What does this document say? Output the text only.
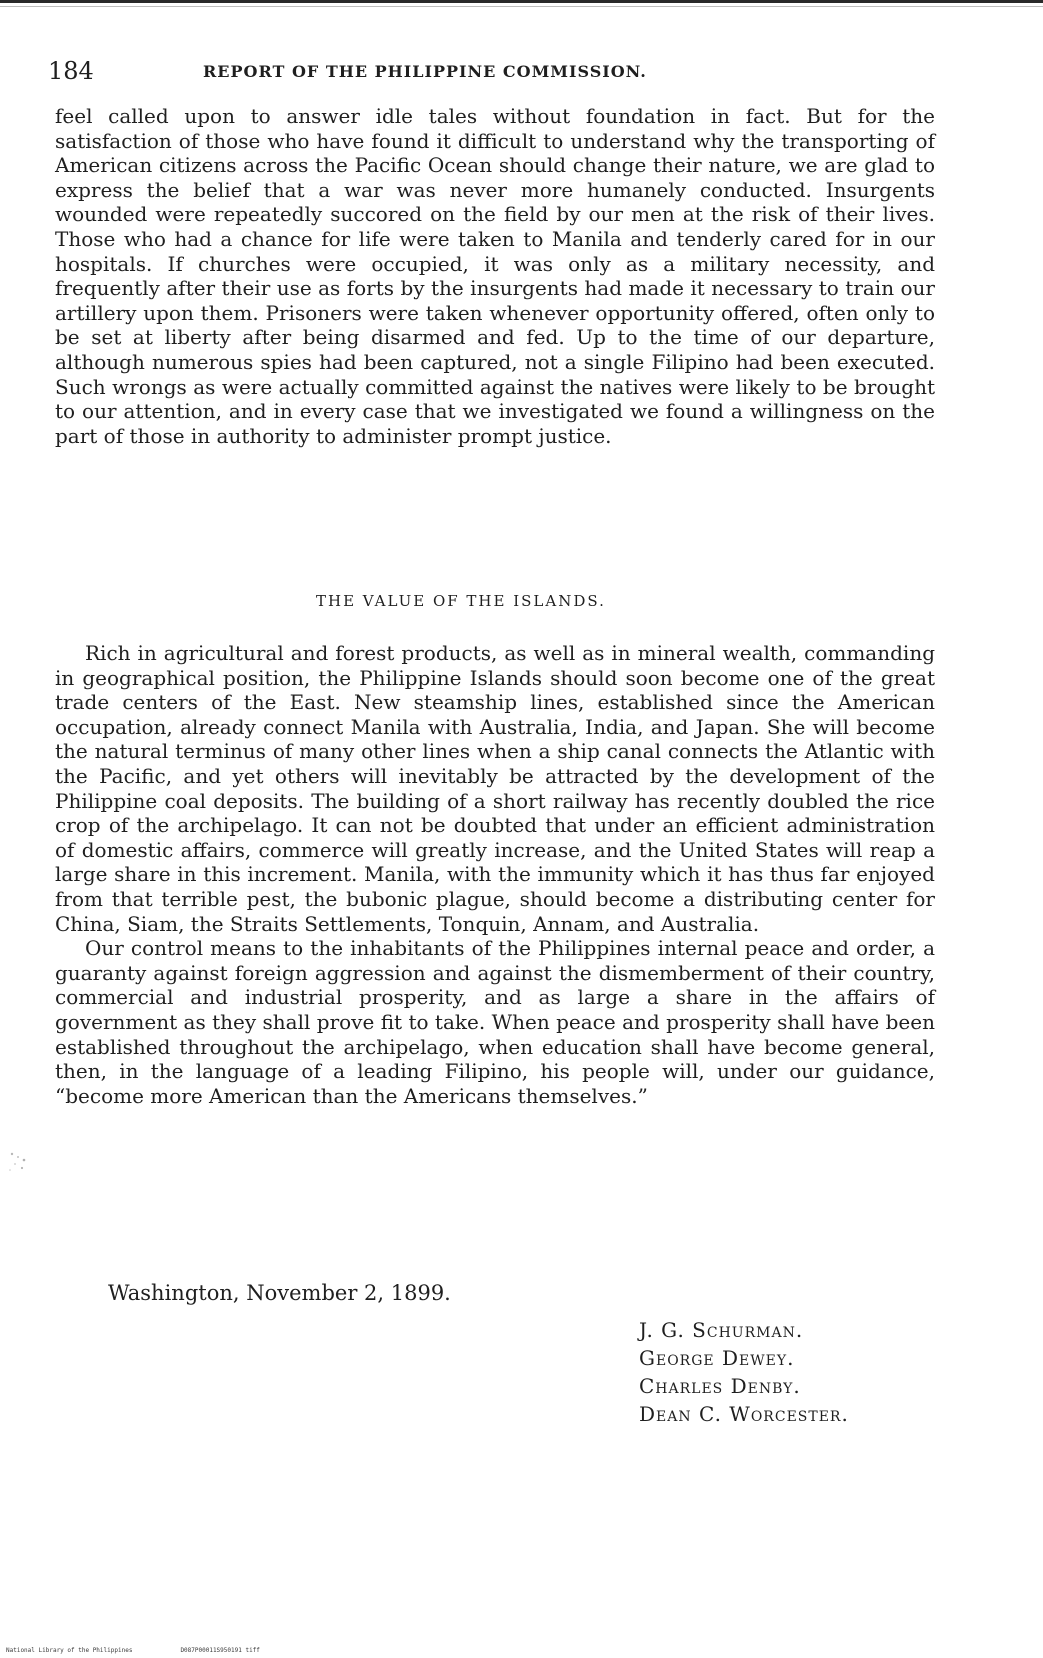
184	REPORT OF THE PHILIPPINE COMMISSION.

feel called upon to answer idle tales without foundation in fact. But for the satisfaction of those who have found it difficult to understand why the transporting of American citizens across the Pacific Ocean should change their nature, we are glad to express the belief that a war was never more humanely conducted. Insurgents wounded were repeatedly succored on the field by our men at the risk of their lives. Those who had a chance for life were taken to Manila and tenderly cared for in our hospitals. If churches were occupied, it was only as a military necessity, and frequently after their use as forts by the insurgents had made it necessary to train our artillery upon them. Prisoners were taken whenever opportunity offered, often only to be set at liberty after being disarmed and fed. Up to the time of our departure, although numerous spies had been captured, not a single Filipino had been executed. Such wrongs as were actually committed against the natives were likely to be brought to our attention, and in every case that we investigated we found a willingness on the part of those in authority to administer prompt justice.

THE VALUE OF THE ISLANDS.

Rich in agricultural and forest products, as well as in mineral wealth, commanding in geographical position, the Philippine Islands should soon become one of the great trade centers of the East. New steamship lines, established since the American occupation, already connect Manila with Australia, India, and Japan. She will become the natural terminus of many other lines when a ship canal connects the Atlantic with the Pacific, and yet others will inevitably be attracted by the development of the Philippine coal deposits. The building of a short railway has recently doubled the rice crop of the archipelago. It can not be doubted that under an efficient administration of domestic affairs, commerce will greatly increase, and the United States will reap a large share in this increment. Manila, with the immunity which it has thus far enjoyed from that terrible pest, the bubonic plague, should become a distributing center for China, Siam, the Straits Settlements, Tonquin, Annam, and Australia.

Our control means to the inhabitants of the Philippines internal peace and order, a guaranty against foreign aggression and against the dismemberment of their country, commercial and industrial prosperity, and as large a share in the affairs of government as they shall prove fit to take. When peace and prosperity shall have been established throughout the archipelago, when education shall have become general, then, in the language of a leading Filipino, his people will, under our guidance, “become more American than the Americans themselves.”

Washington, November 2, 1899.
J. G. Schurman.
George Dewey.
Charles Denby.
Dean C. Worcester.
National Library of the Philippines	D087P00011S950191 tiff
